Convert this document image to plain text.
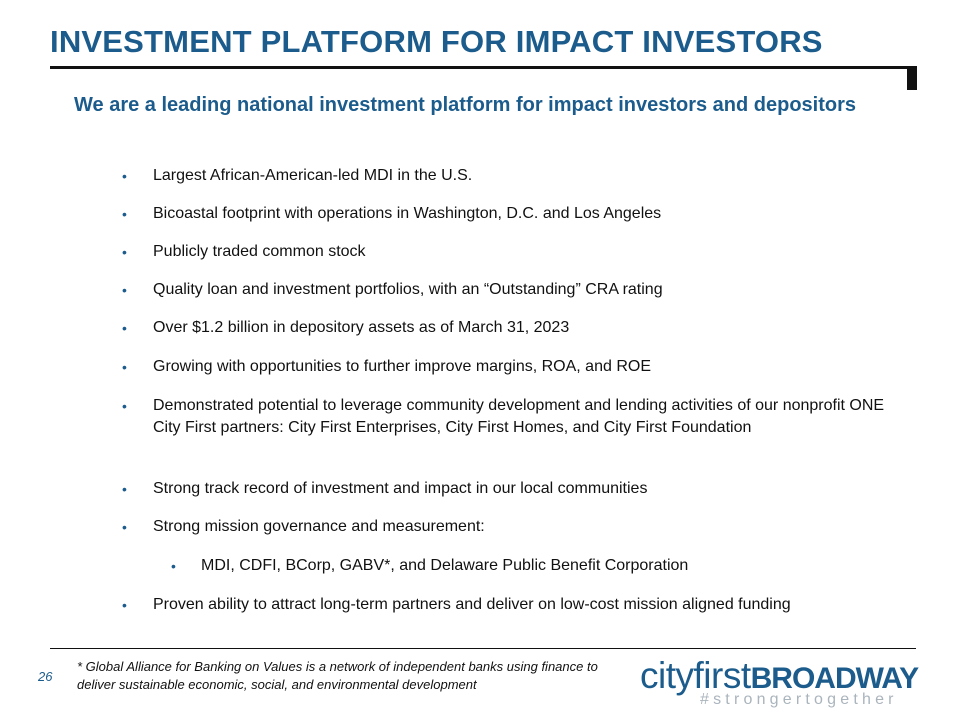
INVESTMENT PLATFORM FOR IMPACT INVESTORS
We are a leading national investment platform for impact investors and depositors
• Largest African-American-led MDI in the U.S.
• Bicoastal footprint with operations in Washington, D.C. and Los Angeles
• Publicly traded common stock
• Quality loan and investment portfolios, with an “Outstanding” CRA rating
• Over $1.2 billion in depository assets as of March 31, 2023
• Growing with opportunities to further improve margins, ROA, and ROE
• Demonstrated potential to leverage community development and lending activities of our nonprofit ONE City First partners: City First Enterprises, City First Homes, and City First Foundation
• Strong track record of investment and impact in our local communities
• Strong mission governance and measurement:
• MDI, CDFI, BCorp, GABV*, and Delaware Public Benefit Corporation
• Proven ability to attract long-term partners and deliver on low-cost mission aligned funding
26
* Global Alliance for Banking on Values is a network of independent banks using finance to deliver sustainable economic, social, and environmental development	cityfirstBROADWAY
#strongertogether
